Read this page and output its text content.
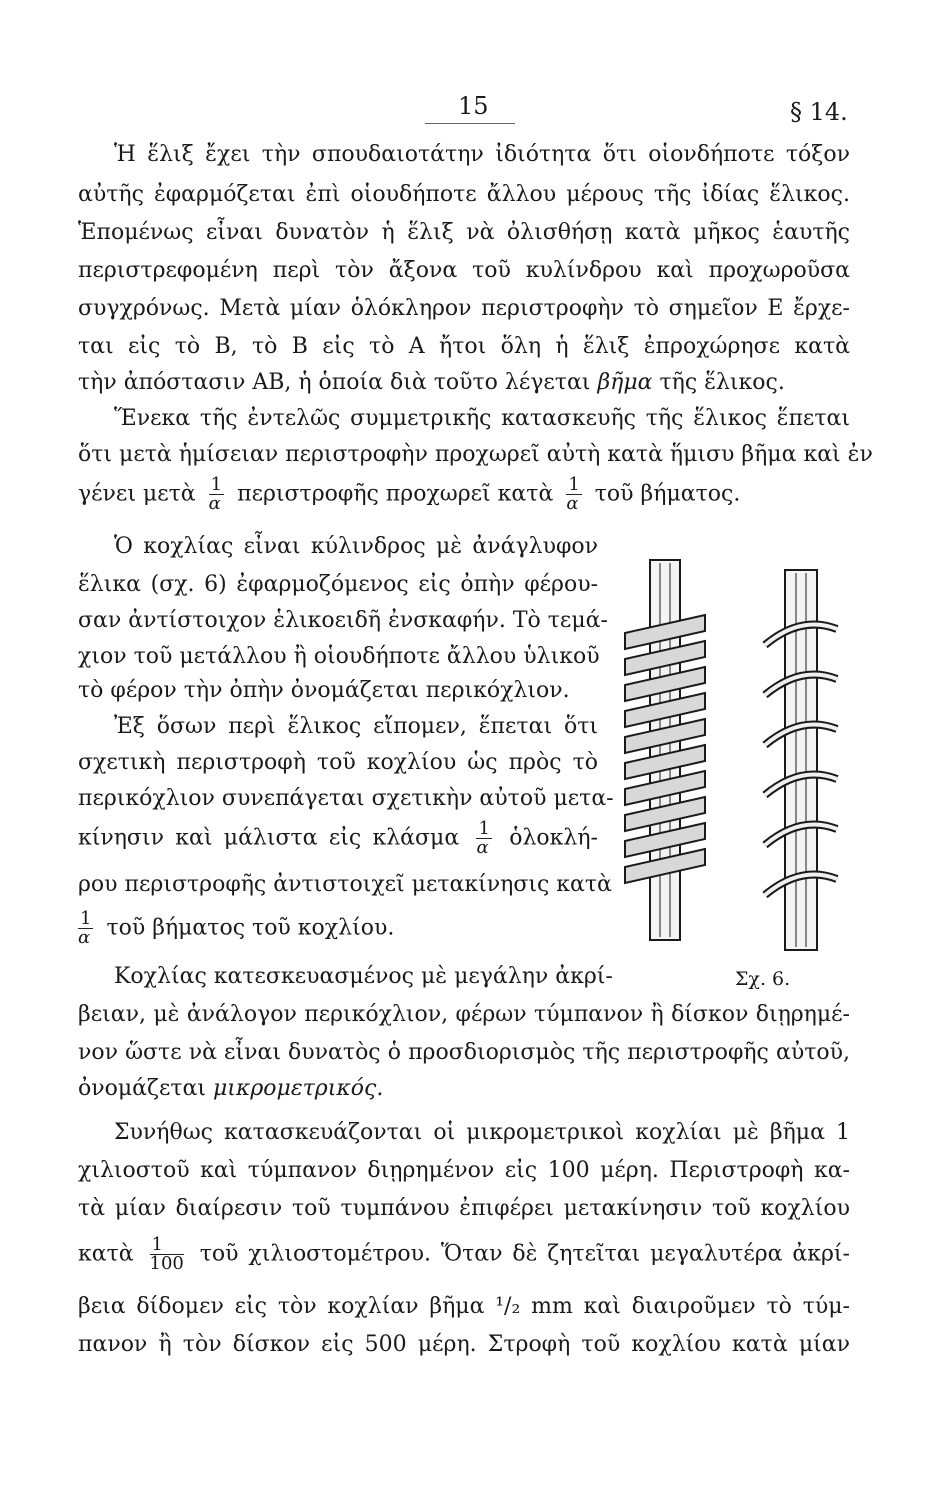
15	§ 14.
Ἡ ἕλιξ ἔχει τὴν σπουδαιοτάτην ἰδιότητα ὅτι οἱονδήποτε τόξον
αὐτῆς ἐφαρμόζεται ἐπὶ οἱουδήποτε ἄλλου μέρους τῆς ἰδίας ἕλικος.
Ἑπομένως εἶναι δυνατὸν ἡ ἕλιξ νὰ ὀλισθήσῃ κατὰ μῆκος ἑαυτῆς
περιστρεφομένη περὶ τὸν ἄξονα τοῦ κυλίνδρου καὶ προχωροῦσα
συγχρόνως. Μετὰ μίαν ὁλόκληρον περιστροφὴν τὸ σημεῖον Ε ἔρχε-
ται εἰς τὸ Β, τὸ Β εἰς τὸ Α ἤτοι ὅλη ἡ ἕλιξ ἐπροχώρησε κατὰ
τὴν ἀπόστασιν ΑΒ, ἡ ὁποία διὰ τοῦτο λέγεται βῆμα τῆς ἕλικος.
Ἕνεκα τῆς ἐντελῶς συμμετρικῆς κατασκευῆς τῆς ἕλικος ἕπεται
ὅτι μετὰ ἡμίσειαν περιστροφὴν προχωρεῖ αὐτὴ κατὰ ἥμισυ βῆμα καὶ ἐν
γένει μετὰ $\frac{1}{\alpha}$ περιστροφῆς προχωρεῖ κατὰ $\frac{1}{\alpha}$ τοῦ βήματος.
Ὁ κοχλίας εἶναι κύλινδρος μὲ ἀνάγλυφον
ἕλικα (σχ. 6) ἐφαρμοζόμενος εἰς ὀπὴν φέρου-
σαν ἀντίστοιχον ἑλικοειδῆ ἐνσκαφήν. Τὸ τεμά-
χιον τοῦ μετάλλου ἢ οἱουδήποτε ἄλλου ὑλικοῦ
τὸ φέρον τὴν ὀπὴν ὀνομάζεται περικόχλιον.
Ἐξ ὅσων περὶ ἕλικος εἴπομεν, ἕπεται ὅτι
σχετικὴ περιστροφὴ τοῦ κοχλίου ὡς πρὸς τὸ
περικόχλιον συνεπάγεται σχετικὴν αὐτοῦ μετα-
κίνησιν καὶ μάλιστα εἰς κλάσμα $\frac{1}{\alpha}$ ὁλοκλή-
ρου περιστροφῆς ἀντιστοιχεῖ μετακίνησις κατὰ
$\frac{1}{\alpha}$ τοῦ βήματος τοῦ κοχλίου.
Κοχλίας κατεσκευασμένος μὲ μεγάλην ἀκρί-	Σχ. 6.
βειαν, μὲ ἀνάλογον περικόχλιον, φέρων τύμπανον ἢ δίσκον διῃρημέ-
νον ὥστε νὰ εἶναι δυνατὸς ὁ προσδιορισμὸς τῆς περιστροφῆς αὐτοῦ,
ὀνομάζεται μικρομετρικός.
Συνήθως κατασκευάζονται οἱ μικρομετρικοὶ κοχλίαι μὲ βῆμα 1
χιλιοστοῦ καὶ τύμπανον διῃρημένον εἰς 100 μέρη. Περιστροφὴ κα-
τὰ μίαν διαίρεσιν τοῦ τυμπάνου ἐπιφέρει μετακίνησιν τοῦ κοχλίου
κατὰ $\frac{1}{100}$ τοῦ χιλιοστομέτρου. Ὅταν δὲ ζητεῖται μεγαλυτέρα ἀκρί-
βεια δίδομεν εἰς τὸν κοχλίαν βῆμα ¹/₂ mm καὶ διαιροῦμεν τὸ τύμ-
πανον ἢ τὸν δίσκον εἰς 500 μέρη. Στροφὴ τοῦ κοχλίου κατὰ μίαν
